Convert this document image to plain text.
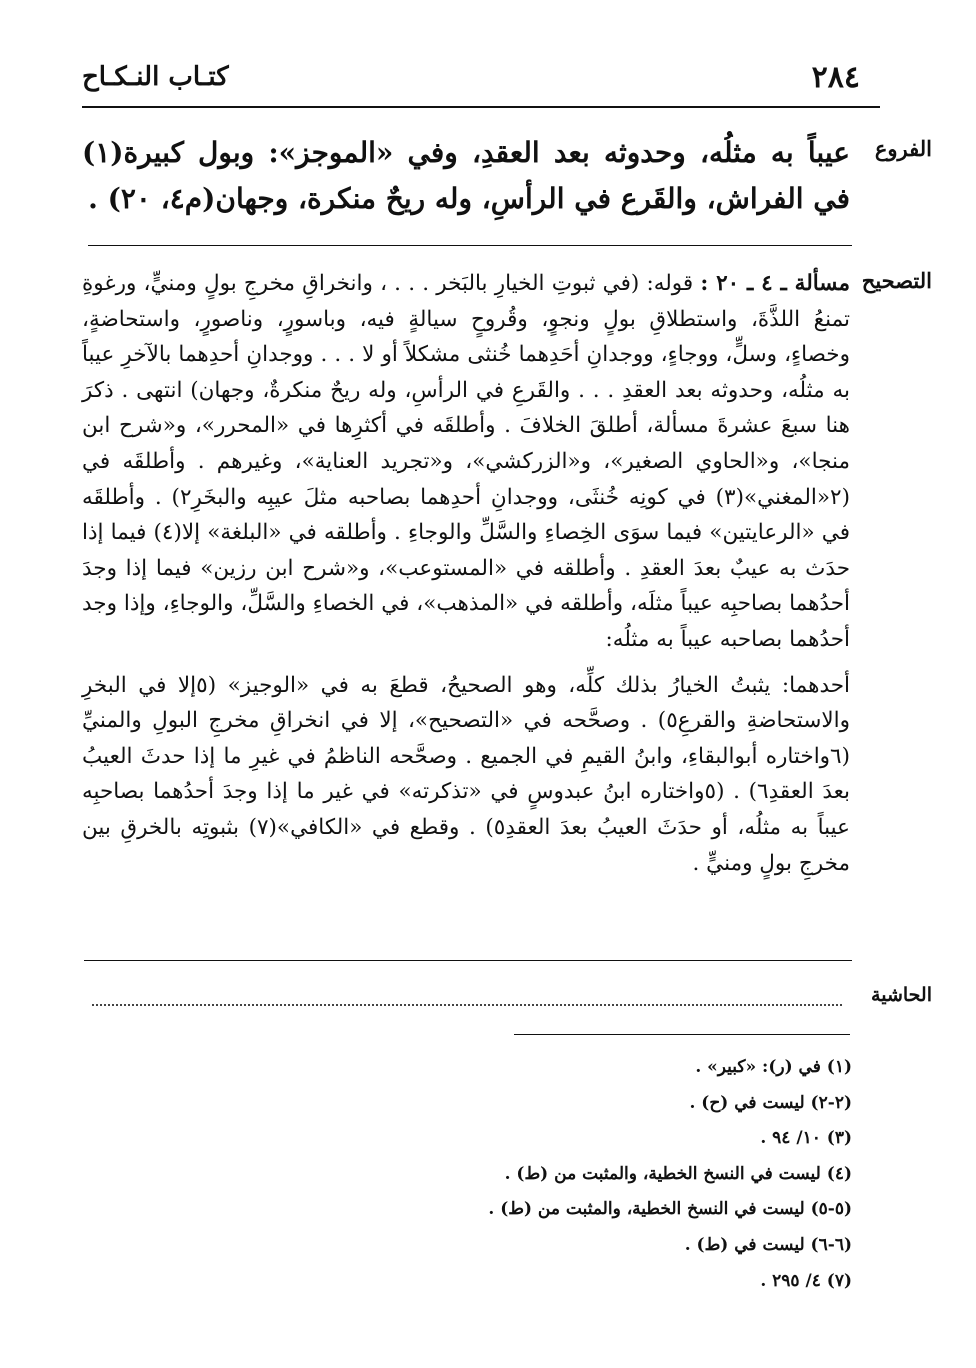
٢٨٤
كتـاب النـكـاح
الفروع
عيباً به مثلُه، وحدوثه بعد العقدِ، وفي «الموجز»: وبول كبيرة(١) في الفراش، والقَرع في الرأسِ، وله ريحٌ منكرة، وجهان(م٤، ٢٠) .
التصحيح

مسألة ـ ٤ ـ ٢٠ : قوله: (في ثبوتِ الخيارِ بالبَخر . . . ، وانخراقِ مخرجِ بولٍ ومنيٍّ، ورغوةِ تمنعُ اللذَّةَ، واستطلاقِ بولٍ ونجوٍ، وقُروحٍ سيالةٍ فيه، وباسورٍ، وناصورٍ، واستحاضةٍ، وخصاءٍ، وسلٍّ، ووجاءٍ، ووجدانِ أحَدِهما خُنثى مشكلاً أو لا . . . ووجدانِ أحدِهما بالآخرِ عيباً به مثلُه، وحدوثه بعد العقدِ . . . والقَرعِ في الرأسِ، وله ريحٌ منكرةٌ، وجهان) انتهى . ذكرَ هنا سبعَ عشرةَ مسألة، أطلقَ الخلافَ . وأطلقَه في أكثرِها في «المحرر»، و«شرح ابن منجا»، و«الحاوي الصغير»، و«الزركشي»، و«تجريد العناية»، وغيرهم . وأطلقَه في (٢«المغني»(٣) في كونِه خُنثَى، ووجدانِ أحدِهما بصاحبه مثلَ عيبِه والبخَرِ٢) . وأطلقَه في «الرعايتين» فيما سوَى الخِصاءِ والسَّلِّ والوجاءِ . وأطلقه في «البلغة» إلا(٤) فيما إذا حدَث به عيبٌ بعدَ العقدِ . وأطلقه في «المستوعب»، و«شرح ابن رزين» فيما إذا وجدَ أحدُهما بصاحبِه عيباً مثلَه، وأطلقه في «المذهب»، في الخصاءِ والسَّلِّ، والوجاءِ، وإذا وجد أحدُهما بصاحبه عيباً به مثلُه:

أحدهما: يثبتُ الخيارُ بذلك كلِّه، وهو الصحيحُ، قطعَ به في «الوجيز» (٥إلا في البخرِ والاستحاضةِ والقرعِ٥) . وصحَّحه في «التصحيح»، إلا في انخراقِ مخرجِ البولِ والمنيِّ (٦واختاره أبوالبقاءِ، وابنُ القيمِ في الجميع . وصحَّحه الناظمُ في غيرِ ما إذا حدثَ العيبُ بعدَ العقدِ٦) . (٥واختاره ابنُ عبدوسٍ في «تذكرته» في غير ما إذا وجدَ أحدُهما بصاحبِه عيباً به مثلُه، أو حدَثَ العيبُ بعدَ العقدِ٥) . وقطع في «الكافي»(٧) بثبوتِه بالخرقِ بين مخرجِ بولٍ ومنيٍّ .

الحاشية
(١) في (ر): «كبير» .
(٢-٢) ليست في (ح) .
(٣) ١٠/ ٩٤ .
(٤) ليست في النسخ الخطية، والمثبت من (ط) .
(٥-٥) ليست في النسخ الخطية، والمثبت من (ط) .
(٦-٦) ليست في (ط) .
(٧) ٤/ ٢٩٥ .
